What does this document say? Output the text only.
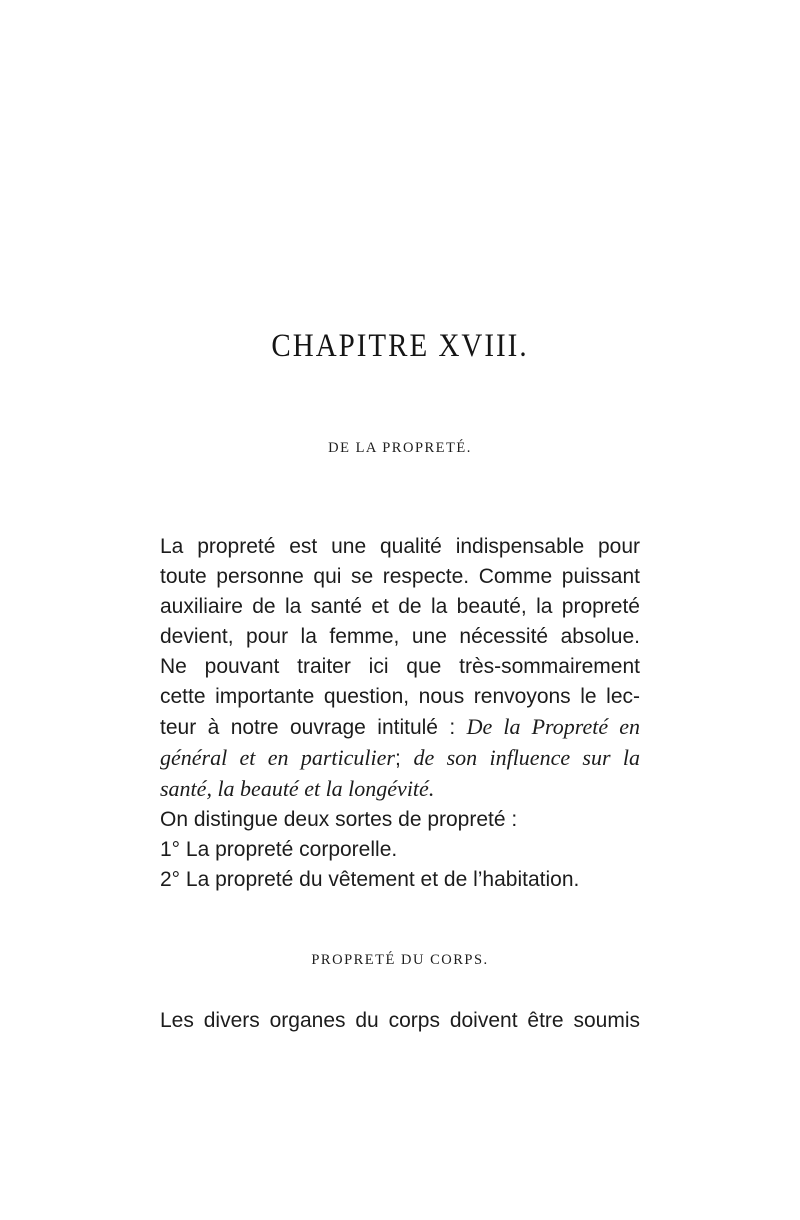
CHAPITRE XVIII.
DE LA PROPRETÉ.
La propreté est une qualité indispensable pour
toute personne qui se respecte. Comme puissant
auxiliaire de la santé et de la beauté, la propreté
devient, pour la femme, une nécessité absolue.
Ne pouvant traiter ici que très-sommairement
cette importante question, nous renvoyons le lec-
teur à notre ouvrage intitulé : De la Propreté en
général et en particulier; de son influence sur la
santé, la beauté et la longévité.
On distingue deux sortes de propreté :
1° La propreté corporelle.
2° La propreté du vêtement et de l’habitation.
PROPRETÉ DU CORPS.
Les divers organes du corps doivent être soumis
